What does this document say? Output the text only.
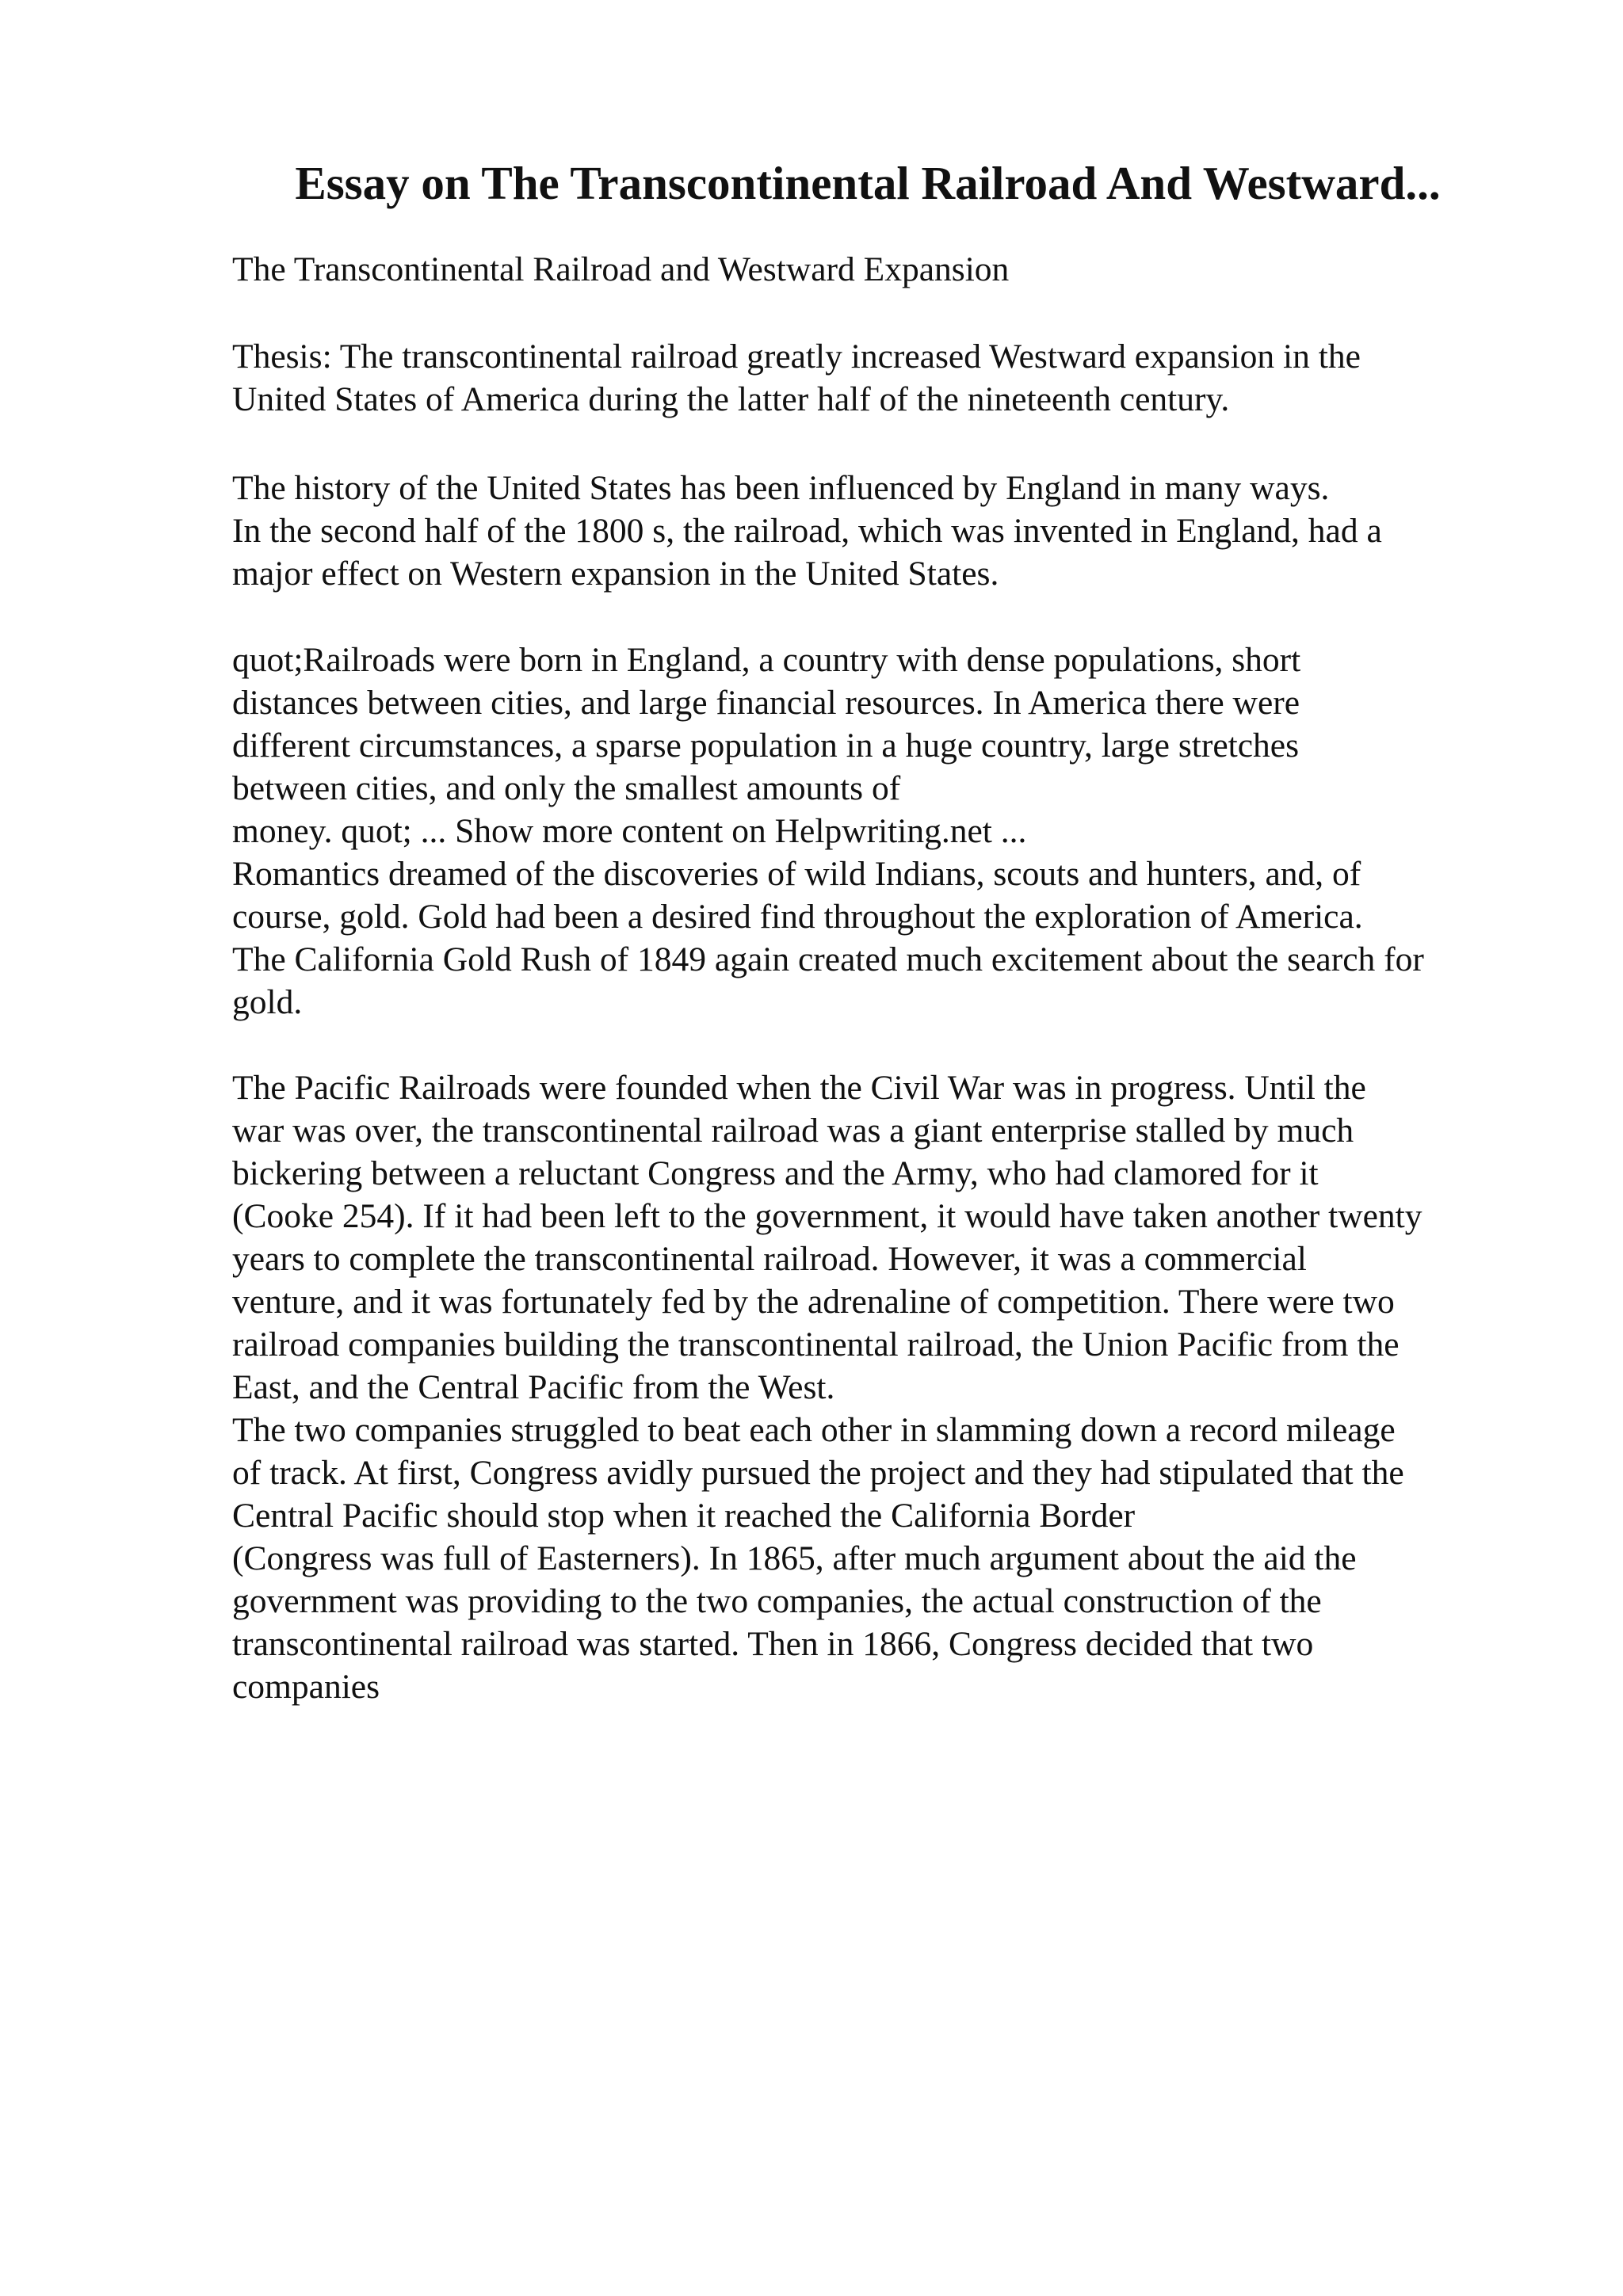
Essay on The Transcontinental Railroad And Westward...

The Transcontinental Railroad and Westward Expansion

Thesis: The transcontinental railroad greatly increased Westward expansion in the

United States of America during the latter half of the nineteenth century.

The history of the United States has been influenced by England in many ways.

In the second half of the 1800 s, the railroad, which was invented in England, had a

major effect on Western expansion in the United States.

quot;Railroads were born in England, a country with dense populations, short

distances between cities, and large financial resources. In America there were

different circumstances, a sparse population in a huge country, large stretches

between cities, and only the smallest amounts of

money. quot; ... Show more content on Helpwriting.net ...

Romantics dreamed of the discoveries of wild Indians, scouts and hunters, and, of

course, gold. Gold had been a desired find throughout the exploration of America.

The California Gold Rush of 1849 again created much excitement about the search for

gold.

The Pacific Railroads were founded when the Civil War was in progress. Until the

war was over, the transcontinental railroad was a giant enterprise stalled by much

bickering between a reluctant Congress and the Army, who had clamored for it

(Cooke 254). If it had been left to the government, it would have taken another twenty

years to complete the transcontinental railroad. However, it was a commercial

venture, and it was fortunately fed by the adrenaline of competition. There were two

railroad companies building the transcontinental railroad, the Union Pacific from the

East, and the Central Pacific from the West.

The two companies struggled to beat each other in slamming down a record mileage

of track. At first, Congress avidly pursued the project and they had stipulated that the

Central Pacific should stop when it reached the California Border

(Congress was full of Easterners). In 1865, after much argument about the aid the

government was providing to the two companies, the actual construction of the

transcontinental railroad was started. Then in 1866, Congress decided that two

companies
